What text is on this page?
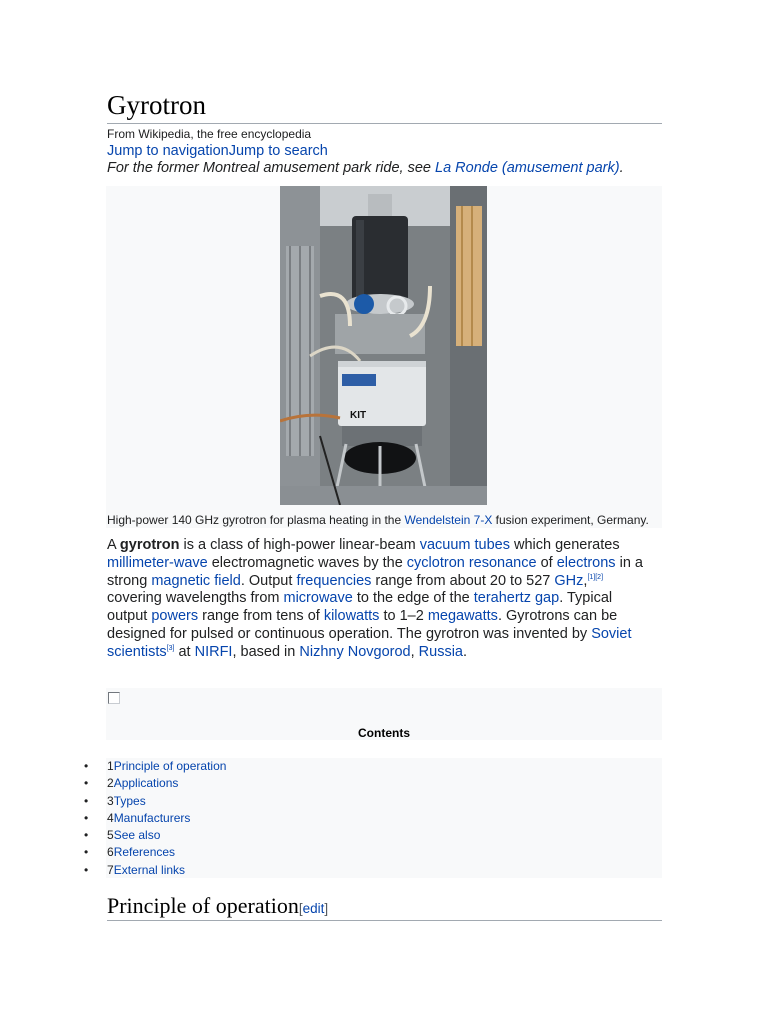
Gyrotron
From Wikipedia, the free encyclopedia
Jump to navigationJump to search
For the former Montreal amusement park ride, see La Ronde (amusement park).
KIT
High-power 140 GHz gyrotron for plasma heating in the Wendelstein 7-X fusion experiment, Germany.

A gyrotron is a class of high-power linear-beam vacuum tubes which generates millimeter-wave electromagnetic waves by the cyclotron resonance of electrons in a strong magnetic field. Output frequencies range from about 20 to 527 GHz,[1][2] covering wavelengths from microwave to the edge of the terahertz gap. Typical output powers range from tens of kilowatts to 1–2 megawatts. Gyrotrons can be designed for pulsed or continuous operation. The gyrotron was invented by Soviet scientists[3] at NIRFI, based in Nizhny Novgorod, Russia.

Contents
• 1Principle of operation
• 2Applications
• 3Types
• 4Manufacturers
• 5See also
• 6References
• 7External links
Principle of operation[edit]
